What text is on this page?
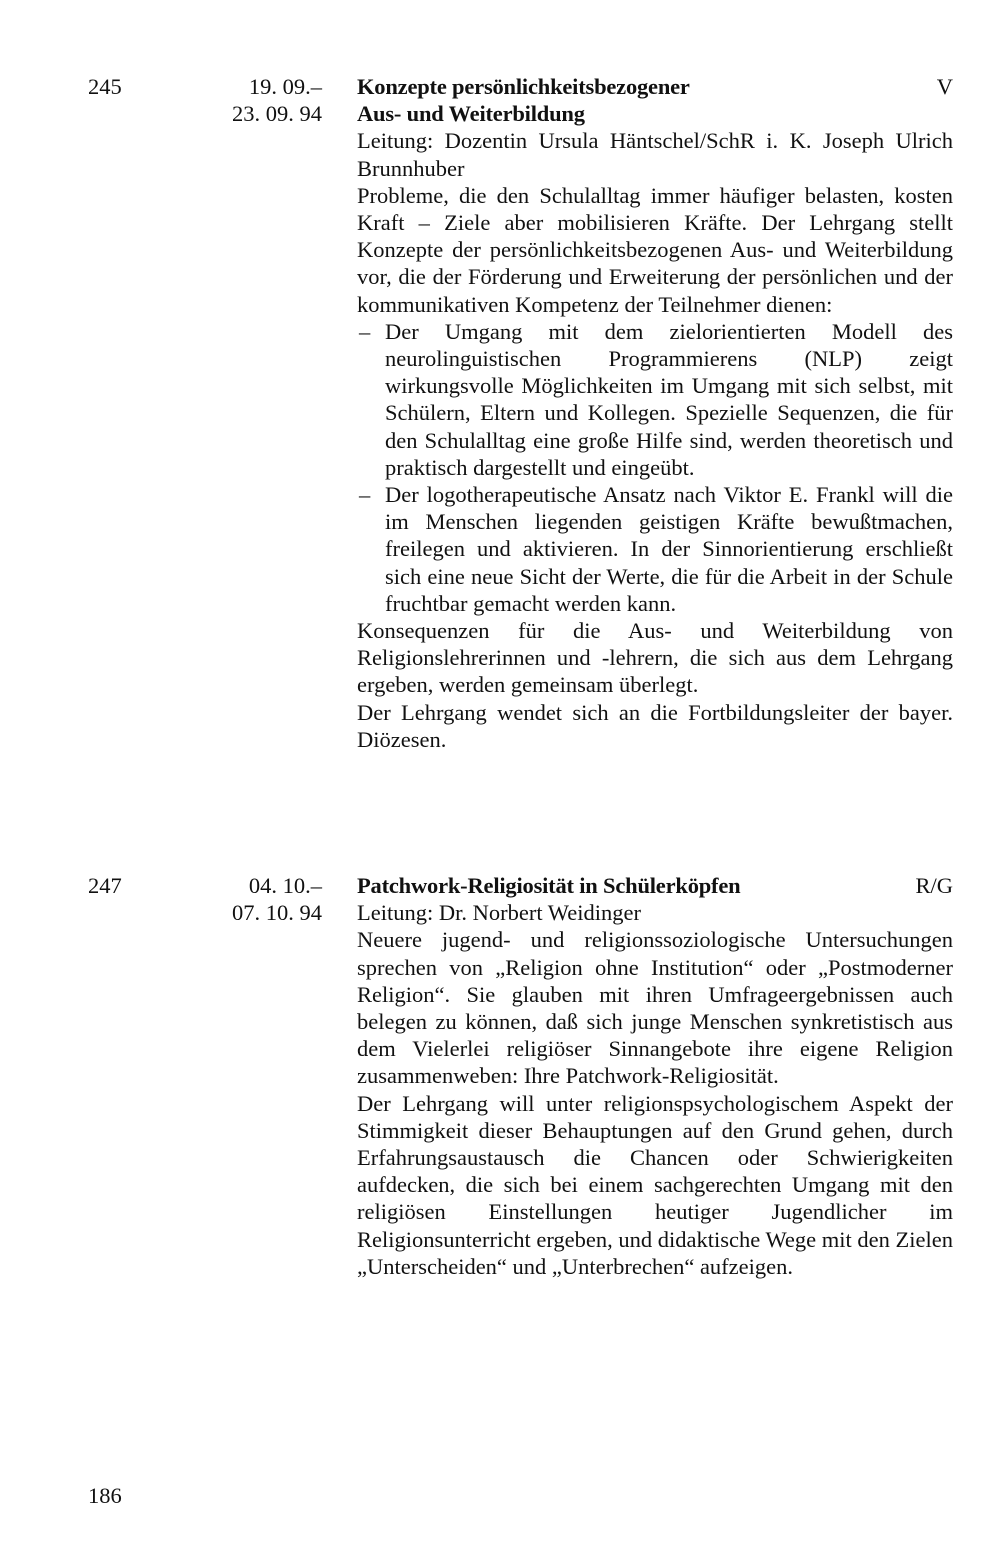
245	19. 09.–
23. 09. 94
Konzepte persönlichkeitsbezogener	V
Aus- und Weiterbildung

Leitung: Dozentin Ursula Häntschel/SchR i. K. Joseph Ulrich Brunnhuber

Probleme, die den Schulalltag immer häufiger belasten, kosten Kraft – Ziele aber mobilisieren Kräfte. Der Lehrgang stellt Konzepte der persönlichkeitsbezogenen Aus- und Weiterbildung vor, die der Förderung und Erweiterung der persönlichen und der kommunikativen Kompetenz der Teilnehmer dienen:

– Der Umgang mit dem zielorientierten Modell des neurolinguistischen Programmierens (NLP) zeigt wirkungsvolle Möglichkeiten im Umgang mit sich selbst, mit Schülern, Eltern und Kollegen. Spezielle Sequenzen, die für den Schulalltag eine große Hilfe sind, werden theoretisch und praktisch dargestellt und eingeübt.
– Der logotherapeutische Ansatz nach Viktor E. Frankl will die im Menschen liegenden geistigen Kräfte bewußtmachen, freilegen und aktivieren. In der Sinnorientierung erschließt sich eine neue Sicht der Werte, die für die Arbeit in der Schule fruchtbar gemacht werden kann.

Konsequenzen für die Aus- und Weiterbildung von Religionslehrerinnen und -lehrern, die sich aus dem Lehrgang ergeben, werden gemeinsam überlegt.

Der Lehrgang wendet sich an die Fortbildungsleiter der bayer. Diözesen.

247	04. 10.–
07. 10. 94
Patchwork-Religiosität in Schülerköpfen	R/G

Leitung: Dr. Norbert Weidinger

Neuere jugend- und religionssoziologische Untersuchungen sprechen von „Religion ohne Institution“ oder „Postmoderner Religion“. Sie glauben mit ihren Umfrageergebnissen auch belegen zu können, daß sich junge Menschen synkretistisch aus dem Vielerlei religiöser Sinnangebote ihre eigene Religion zusammenweben: Ihre Patchwork-Religiosität.

Der Lehrgang will unter religionspsychologischem Aspekt der Stimmigkeit dieser Behauptungen auf den Grund gehen, durch Erfahrungsaustausch die Chancen oder Schwierigkeiten aufdecken, die sich bei einem sachgerechten Umgang mit den religiösen Einstellungen heutiger Jugendlicher im Religionsunterricht ergeben, und didaktische Wege mit den Zielen „Unterscheiden“ und „Unterbrechen“ aufzeigen.

186
